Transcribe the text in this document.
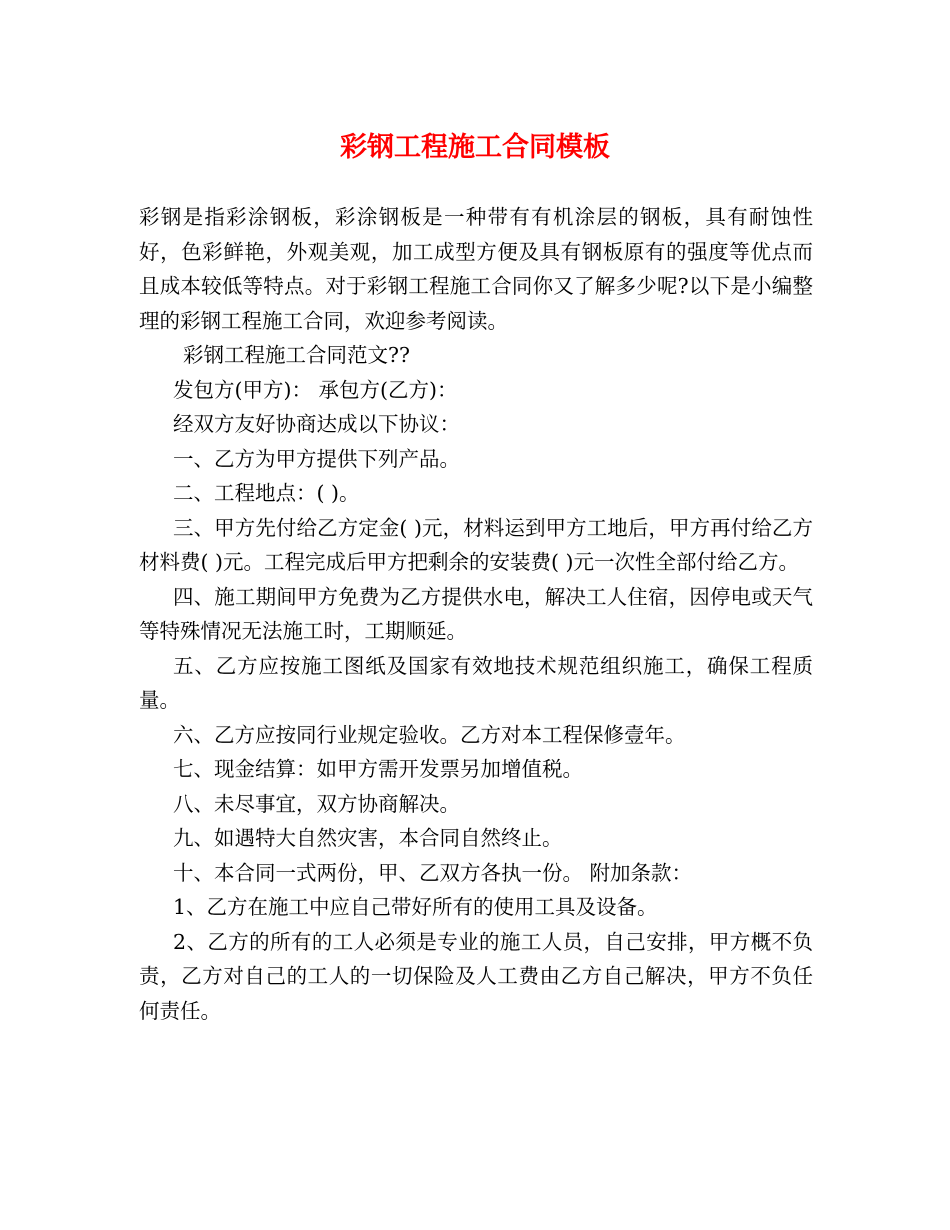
彩钢工程施工合同模板

彩钢是指彩涂钢板，彩涂钢板是一种带有有机涂层的钢板，具有耐蚀性好，色彩鲜艳，外观美观，加工成型方便及具有钢板原有的强度等优点而且成本较低等特点。对于彩钢工程施工合同你又了解多少呢?以下是小编整理的彩钢工程施工合同，欢迎参考阅读。

彩钢工程施工合同范文??

发包方(甲方)： 承包方(乙方)：

经双方友好协商达成以下协议：

一、乙方为甲方提供下列产品。

二、工程地点：( )。

三、甲方先付给乙方定金( )元，材料运到甲方工地后，甲方再付给乙方材料费( )元。工程完成后甲方把剩余的安装费( )元一次性全部付给乙方。

四、施工期间甲方免费为乙方提供水电，解决工人住宿，因停电或天气等特殊情况无法施工时，工期顺延。

五、乙方应按施工图纸及国家有效地技术规范组织施工，确保工程质量。

六、乙方应按同行业规定验收。乙方对本工程保修壹年。

七、现金结算：如甲方需开发票另加增值税。

八、未尽事宜，双方协商解决。

九、如遇特大自然灾害，本合同自然终止。

十、本合同一式两份，甲、乙双方各执一份。 附加条款：

1、乙方在施工中应自己带好所有的使用工具及设备。

2、乙方的所有的工人必须是专业的施工人员，自己安排，甲方概不负责，乙方对自己的工人的一切保险及人工费由乙方自己解决，甲方不负任何责任。
